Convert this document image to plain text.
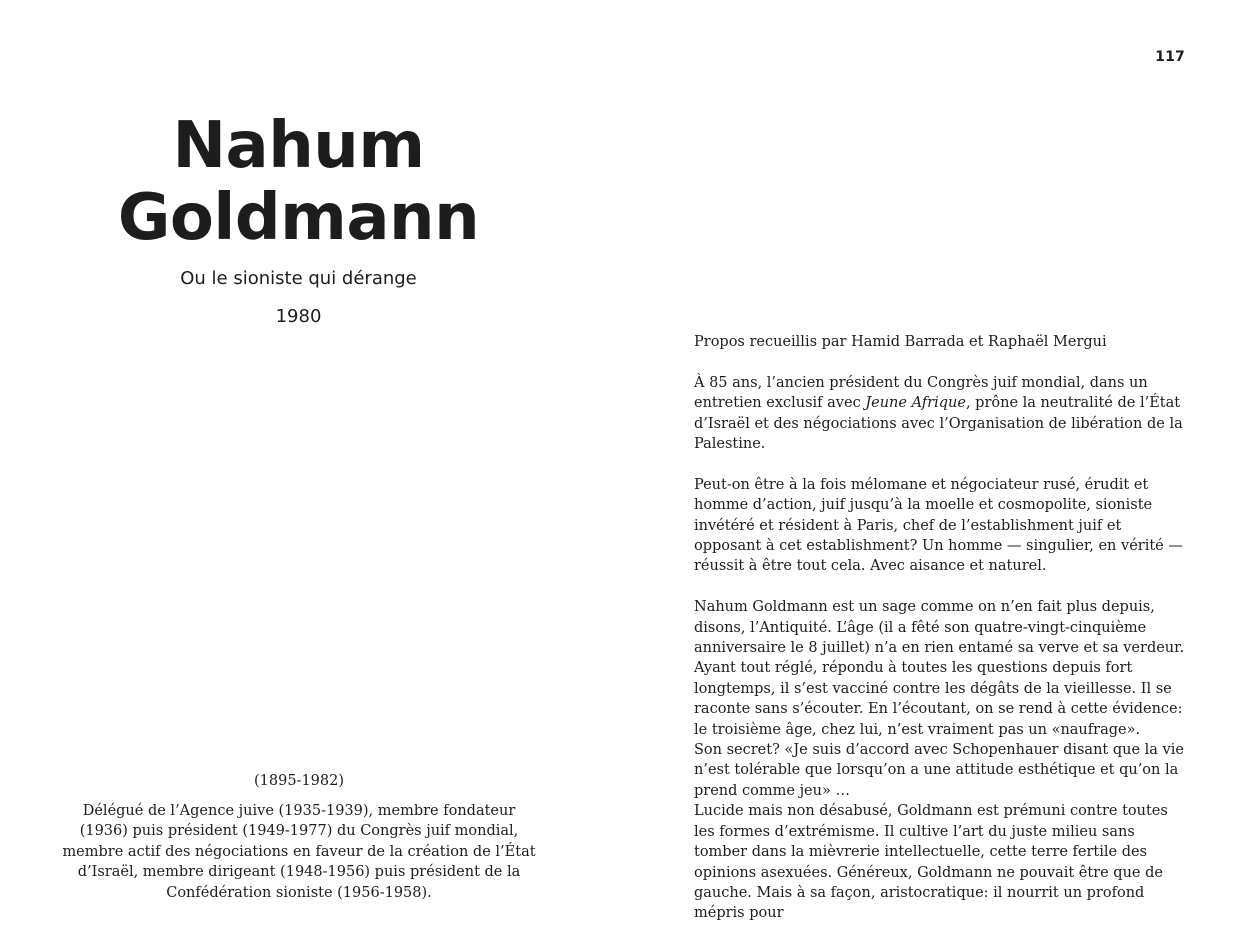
117
Nahum
Goldmann
Ou le sioniste qui dérange
1980

(1895-1982)

Délégué de l’Agence juive (1935-1939), membre fondateur (1936) puis président (1949-1977) du Congrès juif mondial, membre actif des négociations en faveur de la création de l’État d’Israël, membre dirigeant (1948-1956) puis président de la Confédération sioniste (1956-1958).

Propos recueillis par Hamid Barrada et Raphaël Mergui

À 85 ans, l’ancien président du Congrès juif mondial, dans un entretien exclusif avec Jeune Afrique, prône la neutralité de l’État d’Israël et des négociations avec l’Organisation de libération de la Palestine.

Peut-on être à la fois mélomane et négociateur rusé, érudit et homme d’action, juif jusqu’à la moelle et cosmopolite, sioniste invétéré et résident à Paris, chef de l’establishment juif et opposant à cet establishment? Un homme — singulier, en vérité — réussit à être tout cela. Avec aisance et naturel.

Nahum Goldmann est un sage comme on n’en fait plus depuis, disons, l’Antiquité. L’âge (il a fêté son quatre-vingt-cinquième anniversaire le 8 juillet) n’a en rien entamé sa verve et sa verdeur. Ayant tout réglé, répondu à toutes les questions depuis fort longtemps, il s’est vacciné contre les dégâts de la vieillesse. Il se raconte sans s’écouter. En l’écoutant, on se rend à cette évidence: le troisième âge, chez lui, n’est vraiment pas un «naufrage».

Son secret? «Je suis d’accord avec Schopenhauer disant que la vie n’est tolérable que lorsqu’on a une attitude esthétique et qu’on la prend comme jeu» …

Lucide mais non désabusé, Goldmann est prémuni contre toutes les formes d’extrémisme. Il cultive l’art du juste milieu sans tomber dans la mièvrerie intellectuelle, cette terre fertile des opinions asexuées. Généreux, Goldmann ne pouvait être que de gauche. Mais à sa façon, aristocratique: il nourrit un profond mépris pour
